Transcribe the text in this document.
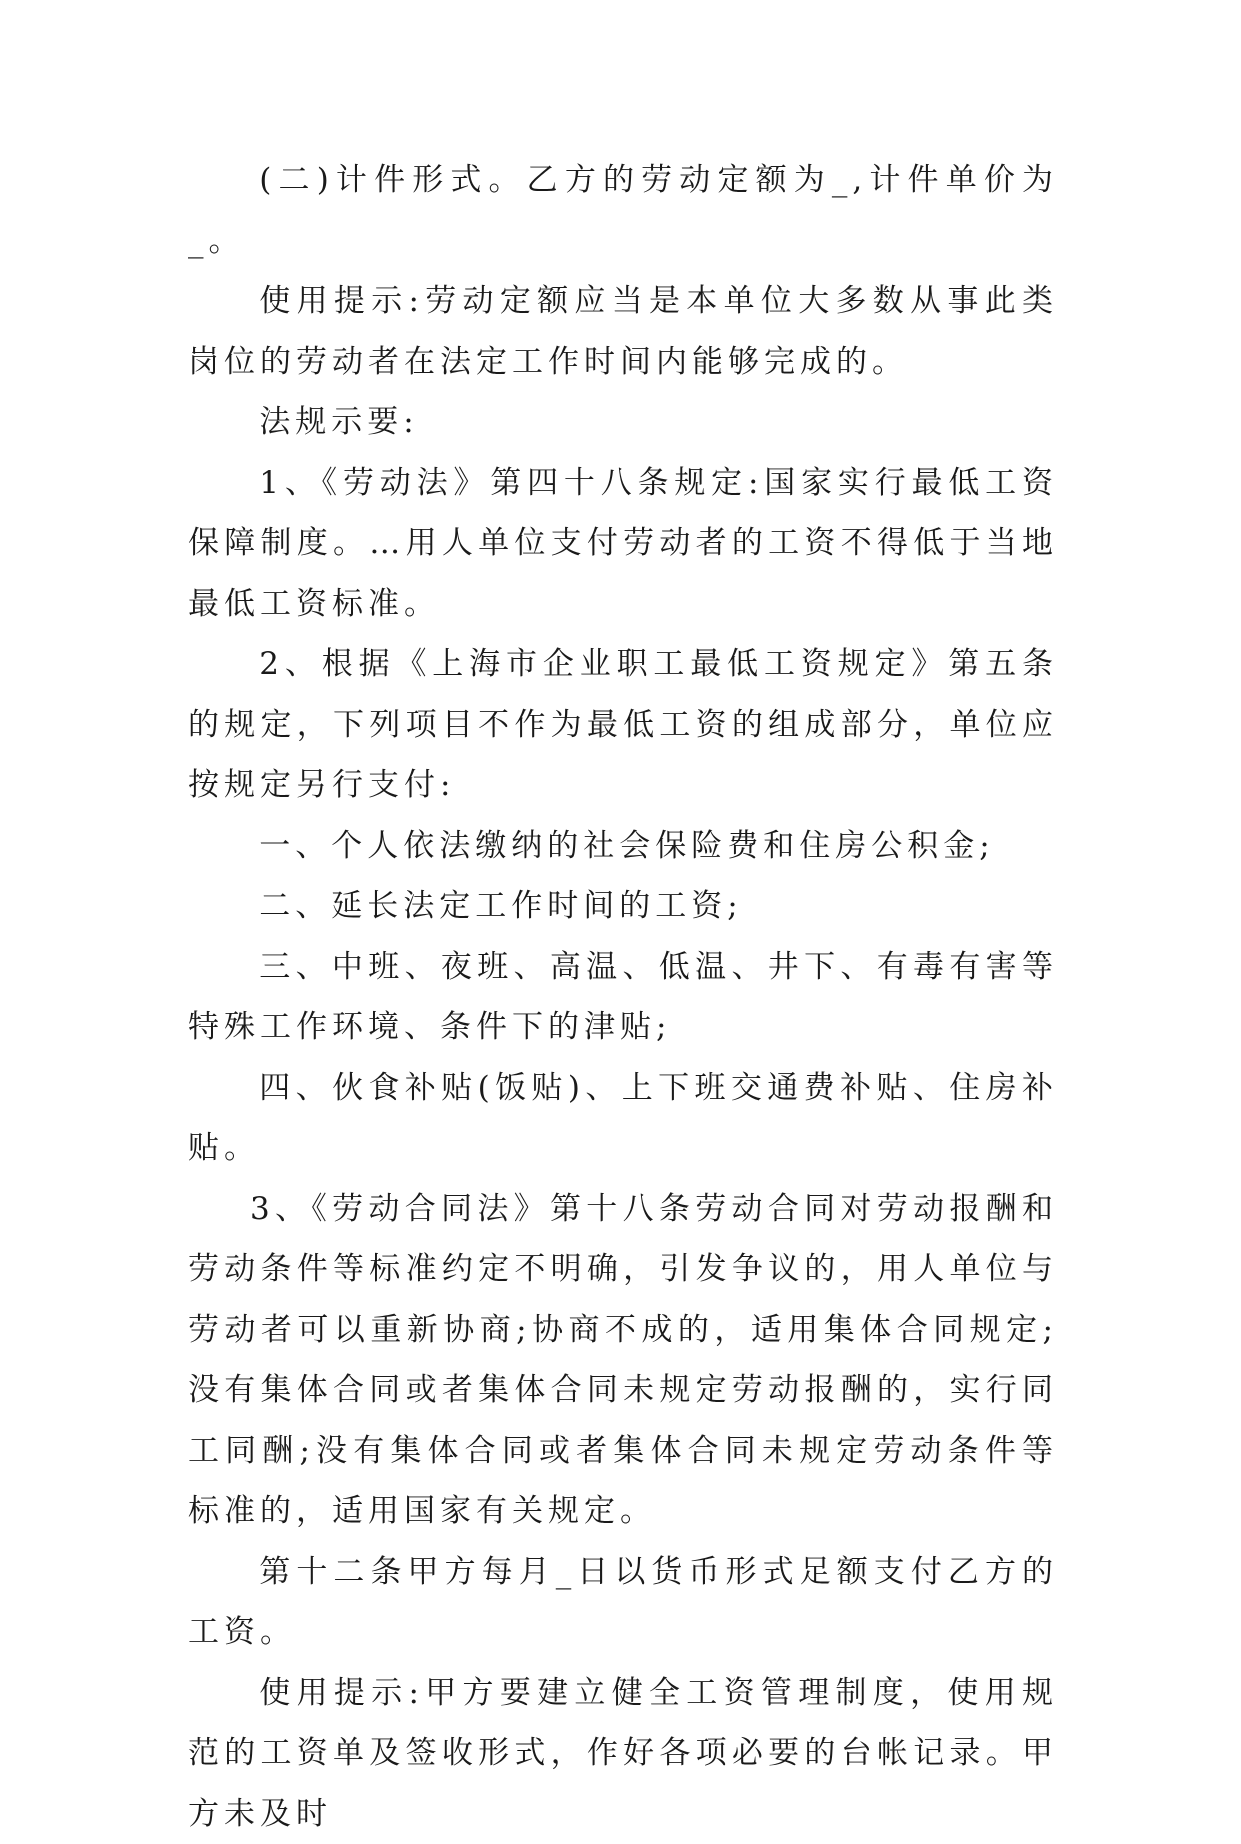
(二)计件形式。乙方的劳动定额为_,计件单价为_。

使用提示:劳动定额应当是本单位大多数从事此类岗位的劳动者在法定工作时间内能够完成的。

法规示要:

1、《劳动法》第四十八条规定:国家实行最低工资保障制度。…用人单位支付劳动者的工资不得低于当地最低工资标准。

2、根据《上海市企业职工最低工资规定》第五条的规定，下列项目不作为最低工资的组成部分，单位应按规定另行支付:

一、个人依法缴纳的社会保险费和住房公积金;

二、延长法定工作时间的工资;

三、中班、夜班、高温、低温、井下、有毒有害等特殊工作环境、条件下的津贴;

四、伙食补贴(饭贴)、上下班交通费补贴、住房补贴。

3、《劳动合同法》第十八条劳动合同对劳动报酬和劳动条件等标准约定不明确，引发争议的，用人单位与劳动者可以重新协商;协商不成的，适用集体合同规定;没有集体合同或者集体合同未规定劳动报酬的，实行同工同酬;没有集体合同或者集体合同未规定劳动条件等标准的，适用国家有关规定。

第十二条甲方每月_日以货币形式足额支付乙方的工资。

使用提示:甲方要建立健全工资管理制度，使用规范的工资单及签收形式，作好各项必要的台帐记录。甲方未及时
